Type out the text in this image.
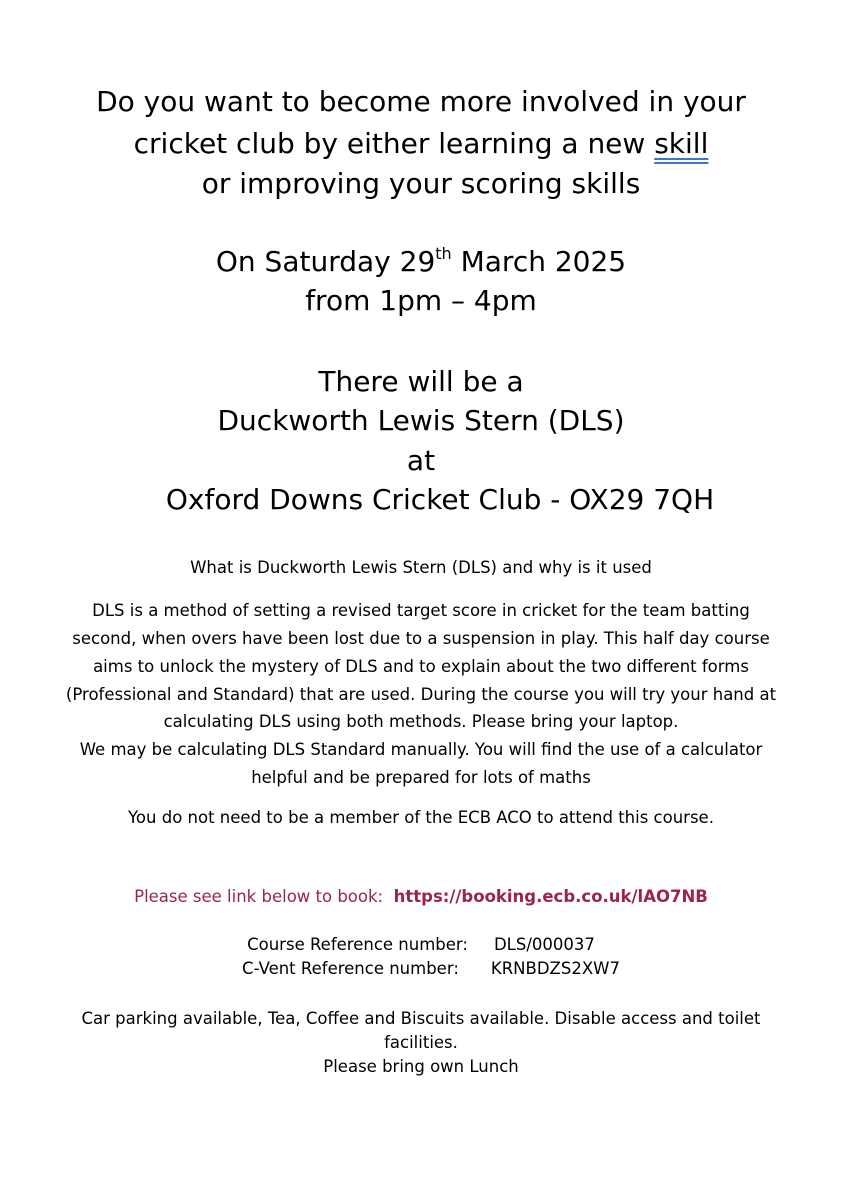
Do you want to become more involved in your
cricket club by either learning a new skill
or improving your scoring skills
On Saturday 29th March 2025
from 1pm – 4pm
There will be a
Duckworth Lewis Stern (DLS)
at
Oxford Downs Cricket Club - OX29 7QH
What is Duckworth Lewis Stern (DLS) and why is it used
DLS is a method of setting a revised target score in cricket for the team batting
second, when overs have been lost due to a suspension in play. This half day course
aims to unlock the mystery of DLS and to explain about the two different forms
(Professional and Standard) that are used. During the course you will try your hand at
calculating DLS using both methods. Please bring your laptop.
We may be calculating DLS Standard manually. You will find the use of a calculator
helpful and be prepared for lots of maths
You do not need to be a member of the ECB ACO to attend this course.
Please see link below to book: https://booking.ecb.co.uk/lAO7NB
Course Reference number: DLS/000037
C-Vent Reference number: KRNBDZS2XW7
Car parking available, Tea, Coffee and Biscuits available. Disable access and toilet
facilities.
Please bring own Lunch
